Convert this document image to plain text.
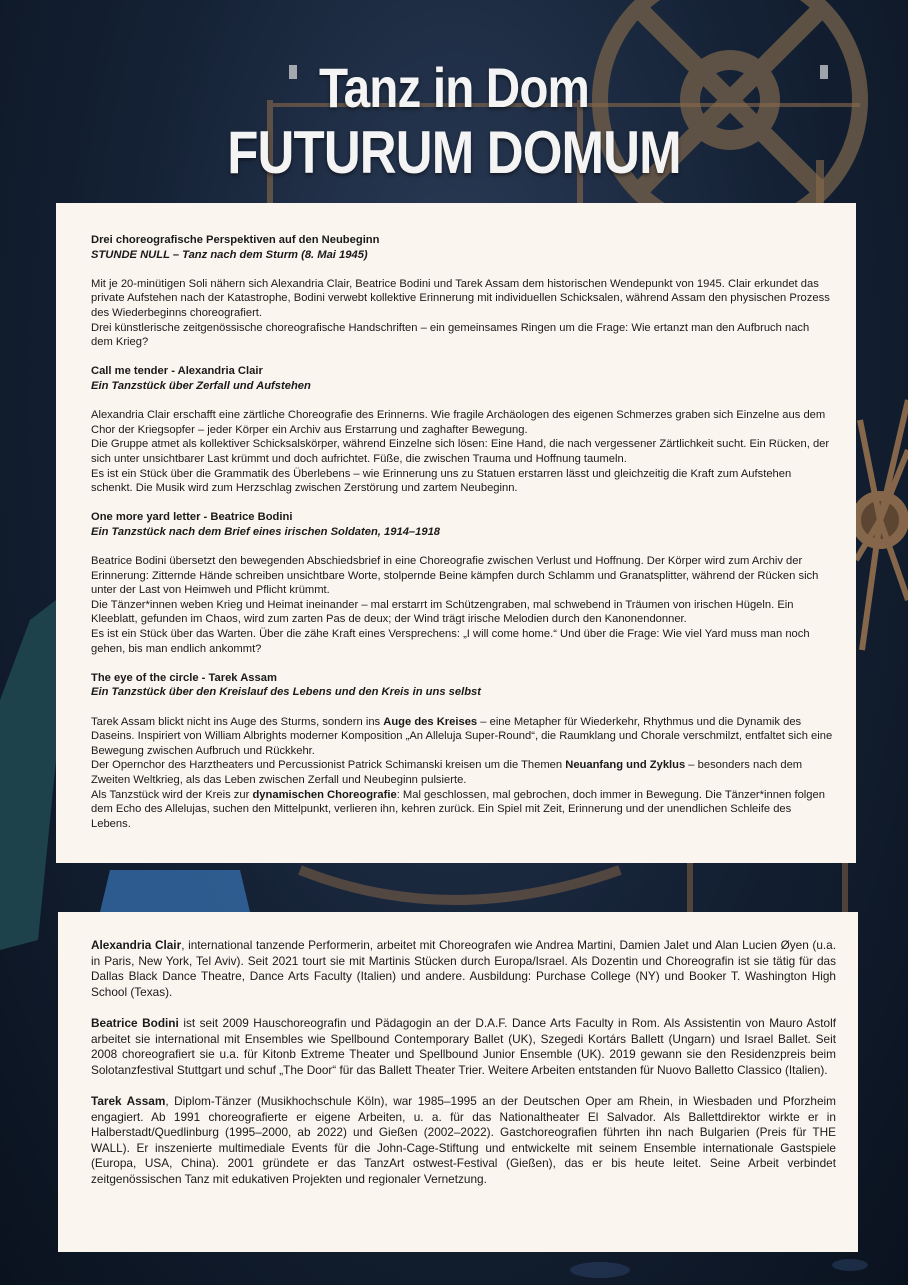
Tanz in Dom
FUTURUM DOMUM

Drei choreografische Perspektiven auf den Neubeginn

STUNDE NULL – Tanz nach dem Sturm (8. Mai 1945)

Mit je 20-minütigen Soli nähern sich Alexandria Clair, Beatrice Bodini und Tarek Assam dem historischen Wendepunkt von 1945. Clair erkundet das private Aufstehen nach der Katastrophe, Bodini verwebt kollektive Erinnerung mit individuellen Schicksalen, während Assam den physischen Prozess des Wiederbeginns choreografiert.

Drei künstlerische zeitgenössische choreografische Handschriften – ein gemeinsames Ringen um die Frage: Wie ertanzt man den Aufbruch nach dem Krieg?

Call me tender - Alexandria Clair

Ein Tanzstück über Zerfall und Aufstehen

Alexandria Clair erschafft eine zärtliche Choreografie des Erinnerns. Wie fragile Archäologen des eigenen Schmerzes graben sich Einzelne aus dem Chor der Kriegsopfer – jeder Körper ein Archiv aus Erstarrung und zaghafter Bewegung.

Die Gruppe atmet als kollektiver Schicksalskörper, während Einzelne sich lösen: Eine Hand, die nach vergessener Zärtlichkeit sucht. Ein Rücken, der sich unter unsichtbarer Last krümmt und doch aufrichtet. Füße, die zwischen Trauma und Hoffnung taumeln.

Es ist ein Stück über die Grammatik des Überlebens – wie Erinnerung uns zu Statuen erstarren lässt und gleichzeitig die Kraft zum Aufstehen schenkt. Die Musik wird zum Herzschlag zwischen Zerstörung und zartem Neubeginn.

One more yard letter - Beatrice Bodini

Ein Tanzstück nach dem Brief eines irischen Soldaten, 1914–1918

Beatrice Bodini übersetzt den bewegenden Abschiedsbrief in eine Choreografie zwischen Verlust und Hoffnung. Der Körper wird zum Archiv der Erinnerung: Zitternde Hände schreiben unsichtbare Worte, stolpernde Beine kämpfen durch Schlamm und Granatsplitter, während der Rücken sich unter der Last von Heimweh und Pflicht krümmt.

Die Tänzer*innen weben Krieg und Heimat ineinander – mal erstarrt im Schützengraben, mal schwebend in Träumen von irischen Hügeln. Ein Kleeblatt, gefunden im Chaos, wird zum zarten Pas de deux; der Wind trägt irische Melodien durch den Kanonendonner.

Es ist ein Stück über das Warten. Über die zähe Kraft eines Versprechens: „I will come home.“ Und über die Frage: Wie viel Yard muss man noch gehen, bis man endlich ankommt?

The eye of the circle - Tarek Assam

Ein Tanzstück über den Kreislauf des Lebens und den Kreis in uns selbst

Tarek Assam blickt nicht ins Auge des Sturms, sondern ins Auge des Kreises – eine Metapher für Wiederkehr, Rhythmus und die Dynamik des Daseins. Inspiriert von William Albrights moderner Komposition „An Alleluja Super-Round“, die Raumklang und Chorale verschmilzt, entfaltet sich eine Bewegung zwischen Aufbruch und Rückkehr.

Der Opernchor des Harztheaters und Percussionist Patrick Schimanski kreisen um die Themen Neuanfang und Zyklus – besonders nach dem Zweiten Weltkrieg, als das Leben zwischen Zerfall und Neubeginn pulsierte.

Als Tanzstück wird der Kreis zur dynamischen Choreografie: Mal geschlossen, mal gebrochen, doch immer in Bewegung. Die Tänzer*innen folgen dem Echo des Allelujas, suchen den Mittelpunkt, verlieren ihn, kehren zurück. Ein Spiel mit Zeit, Erinnerung und der unendlichen Schleife des Lebens.

Alexandria Clair, international tanzende Performerin, arbeitet mit Choreografen wie Andrea Martini, Damien Jalet und Alan Lucien Øyen (u.a. in Paris, New York, Tel Aviv). Seit 2021 tourt sie mit Martinis Stücken durch Europa/Israel. Als Dozentin und Choreografin ist sie tätig für das Dallas Black Dance Theatre, Dance Arts Faculty (Italien) und andere. Ausbildung: Purchase College (NY) und Booker T. Washington High School (Texas).

Beatrice Bodini ist seit 2009 Hauschoreografin und Pädagogin an der D.A.F. Dance Arts Faculty in Rom. Als Assistentin von Mauro Astolf arbeitet sie international mit Ensembles wie Spellbound Contemporary Ballet (UK), Szegedi Kortárs Ballett (Ungarn) und Israel Ballet. Seit 2008 choreografiert sie u.a. für Kitonb Extreme Theater und Spellbound Junior Ensemble (UK). 2019 gewann sie den Residenzpreis beim Solotanzfestival Stuttgart und schuf „The Door“ für das Ballett Theater Trier. Weitere Arbeiten entstanden für Nuovo Balletto Classico (Italien).

Tarek Assam, Diplom-Tänzer (Musikhochschule Köln), war 1985–1995 an der Deutschen Oper am Rhein, in Wiesbaden und Pforzheim engagiert. Ab 1991 choreografierte er eigene Arbeiten, u. a. für das Nationaltheater El Salvador. Als Ballettdirektor wirkte er in Halberstadt/Quedlinburg (1995–2000, ab 2022) und Gießen (2002–2022). Gastchoreografien führten ihn nach Bulgarien (Preis für THE WALL). Er inszenierte multimediale Events für die John-Cage-Stiftung und entwickelte mit seinem Ensemble internationale Gastspiele (Europa, USA, China). 2001 gründete er das TanzArt ostwest-Festival (Gießen), das er bis heute leitet. Seine Arbeit verbindet zeitgenössischen Tanz mit edukativen Projekten und regionaler Vernetzung.
